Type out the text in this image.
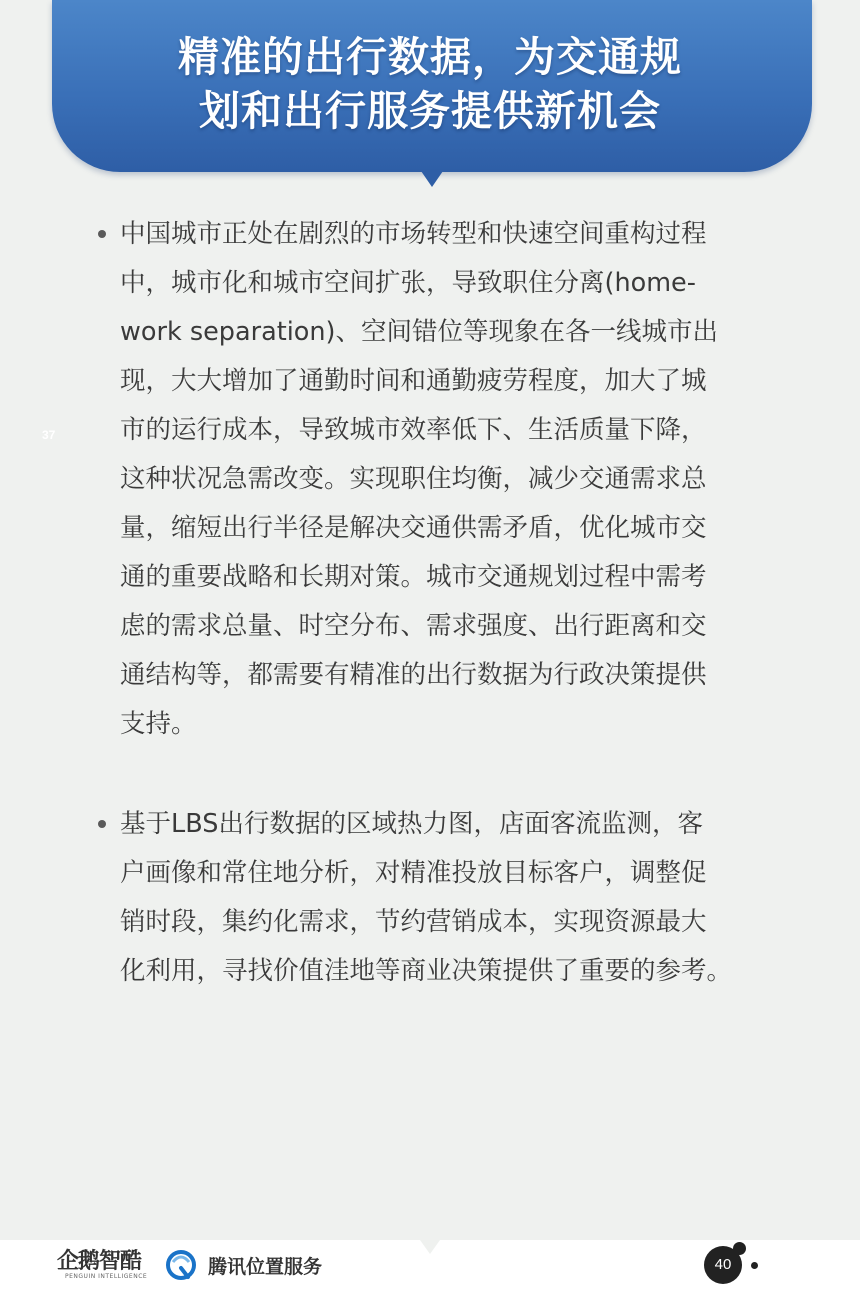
精准的出行数据，为交通规
划和出行服务提供新机会
37
中国城市正处在剧烈的市场转型和快速空间重构过程
中，城市化和城市空间扩张，导致职住分离(home-
work separation)、空间错位等现象在各一线城市出
现，大大增加了通勤时间和通勤疲劳程度，加大了城
市的运行成本，导致城市效率低下、生活质量下降，
这种状况急需改变。实现职住均衡，减少交通需求总
量，缩短出行半径是解决交通供需矛盾，优化城市交
通的重要战略和长期对策。城市交通规划过程中需考
虑的需求总量、时空分布、需求强度、出行距离和交
通结构等，都需要有精准的出行数据为行政决策提供
支持。
基于LBS出行数据的区域热力图，店面客流监测，客
户画像和常住地分析，对精准投放目标客户，调整促
销时段，集约化需求，节约营销成本，实现资源最大
化利用，寻找价值洼地等商业决策提供了重要的参考。
企鹅智酷
PENGUIN INTELLIGENCE	腾讯位置服务	40
